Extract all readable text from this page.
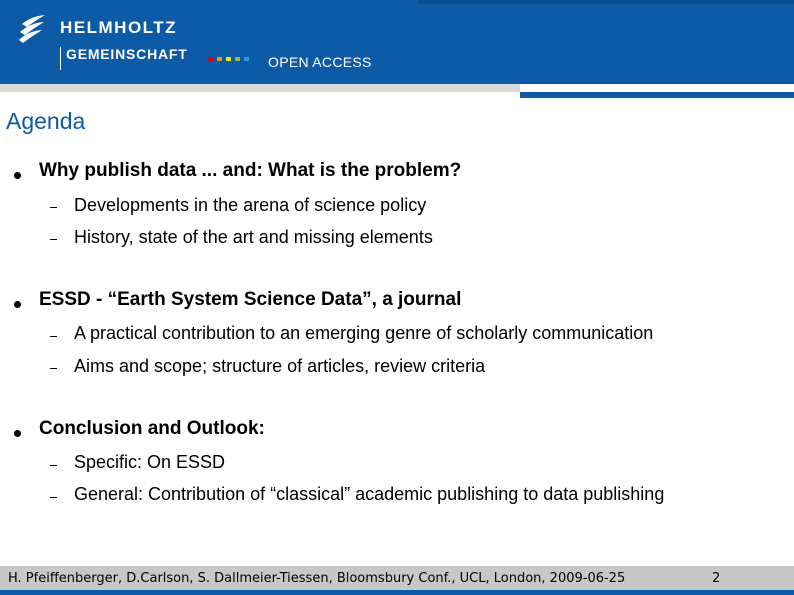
HELMHOLTZ
GEMEINSCHAFT	OPEN ACCESS
Agenda
Why publish data ... and: What is the problem?
Developments in the arena of science policy
History, state of the art and missing elements
ESSD - “Earth System Science Data”, a journal
A practical contribution to an emerging genre of scholarly communication
Aims and scope; structure of articles, review criteria
Conclusion and Outlook:
Specific: On ESSD
General: Contribution of “classical” academic publishing to data publishing
H. Pfeiffenberger, D.Carlson, S. Dallmeier-Tiessen, Bloomsbury Conf., UCL, London, 2009-06-25	2
